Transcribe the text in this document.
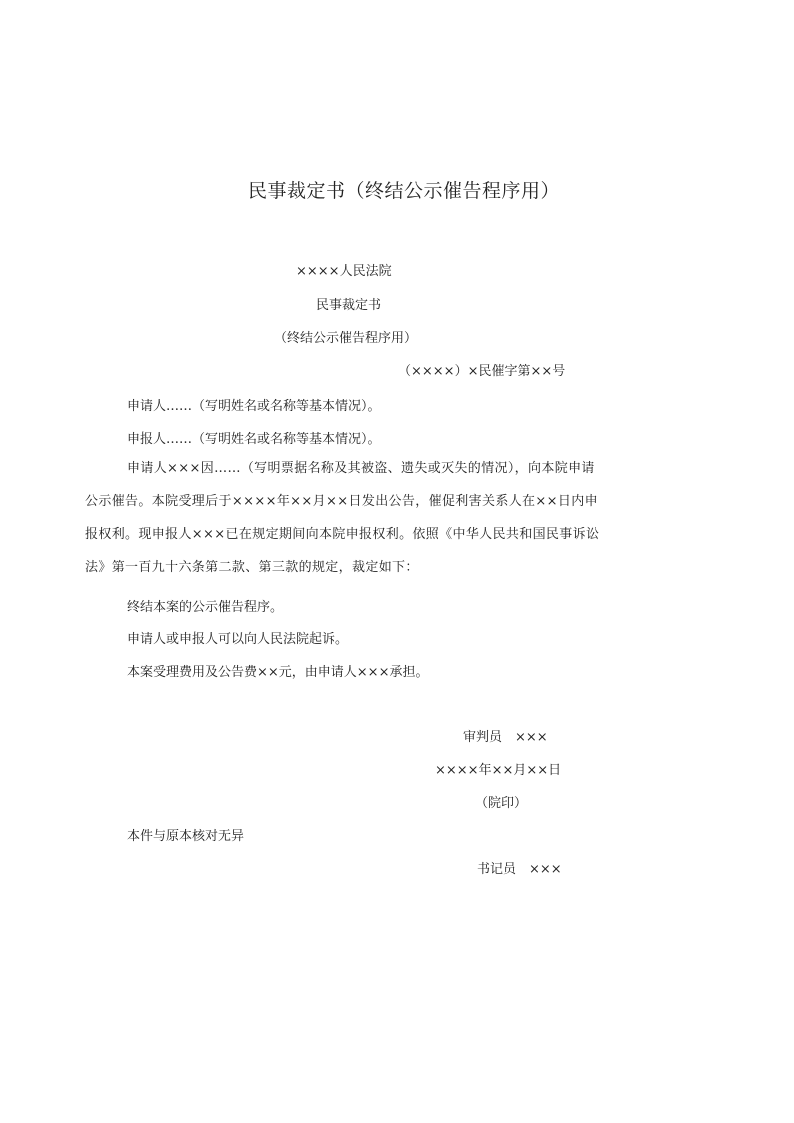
民事裁定书（终结公示催告程序用）
××××人民法院
民事裁定书
（终结公示催告程序用）
（××××）×民催字第××号
申请人……（写明姓名或名称等基本情况）。
申报人……（写明姓名或名称等基本情况）。
申请人×××因……（写明票据名称及其被盗、遗失或灭失的情况），向本院申请公示催告。本院受理后于××××年××月××日发出公告，催促利害关系人在××日内申报权利。现申报人×××已在规定期间向本院申报权利。依照《中华人民共和国民事诉讼法》第一百九十六条第二款、第三款的规定，裁定如下：
终结本案的公示催告程序。
申请人或申报人可以向人民法院起诉。
本案受理费用及公告费××元，由申请人×××承担。
审判员　×××
××××年××月××日
（院印）
本件与原本核对无异
书记员　×××
